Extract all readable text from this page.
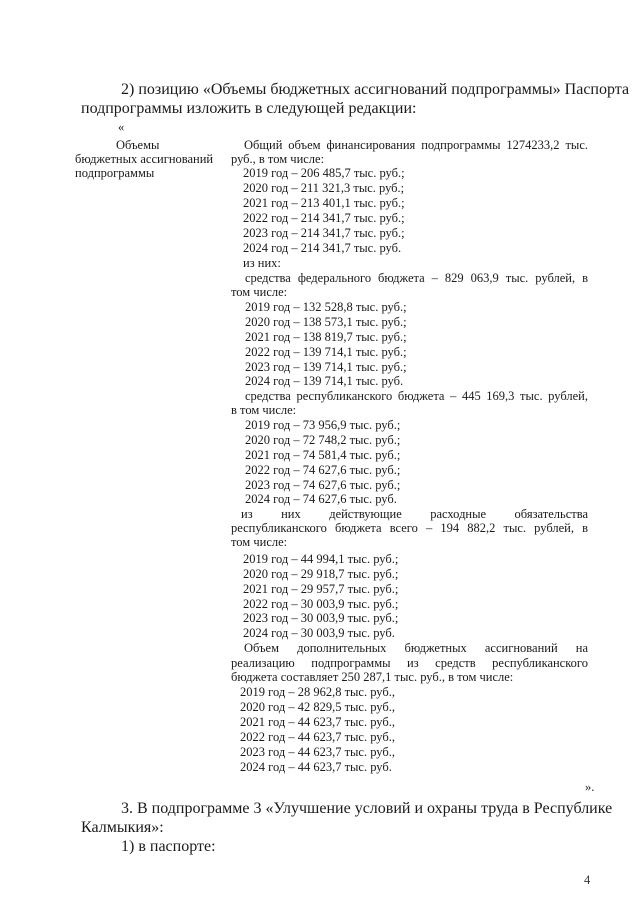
2) позицию «Объемы бюджетных ассигнований подпрограммы» Паспорта
подпрограммы изложить в следующей редакции:
«
Объемы
бюджетных ассигнований
подпрограммы
Общий объем финансирования подпрограммы 1274233,2 тыс.
руб., в том числе:
2019 год – 206 485,7 тыс. руб.;
2020 год – 211 321,3 тыс. руб.;
2021 год – 213 401,1 тыс. руб.;
2022 год – 214 341,7 тыс. руб.;
2023 год – 214 341,7 тыс. руб.;
2024 год – 214 341,7 тыс. руб.
из них:
средства федерального бюджета – 829 063,9 тыс. рублей, в
том числе:
2019 год – 132 528,8 тыс. руб.;
2020 год – 138 573,1 тыс. руб.;
2021 год – 138 819,7 тыс. руб.;
2022 год – 139 714,1 тыс. руб.;
2023 год – 139 714,1 тыс. руб.;
2024 год – 139 714,1 тыс. руб.
средства республиканского бюджета – 445 169,3 тыс. рублей,
в том числе:
2019 год – 73 956,9 тыс. руб.;
2020 год – 72 748,2 тыс. руб.;
2021 год – 74 581,4 тыс. руб.;
2022 год – 74 627,6 тыс. руб.;
2023 год – 74 627,6 тыс. руб.;
2024 год – 74 627,6 тыс. руб.
из них действующие расходные обязательства
республиканского бюджета всего – 194 882,2 тыс. рублей, в
том числе:
2019 год – 44 994,1 тыс. руб.;
2020 год – 29 918,7 тыс. руб.;
2021 год – 29 957,7 тыс. руб.;
2022 год – 30 003,9 тыс. руб.;
2023 год – 30 003,9 тыс. руб.;
2024 год – 30 003,9 тыс. руб.
Объем дополнительных бюджетных ассигнований на
реализацию подпрограммы из средств республиканского
бюджета составляет 250 287,1 тыс. руб., в том числе:
2019 год – 28 962,8 тыс. руб.,
2020 год – 42 829,5 тыс. руб.,
2021 год – 44 623,7 тыс. руб.,
2022 год – 44 623,7 тыс. руб.,
2023 год – 44 623,7 тыс. руб.,
2024 год – 44 623,7 тыс. руб.
».
3. В подпрограмме 3 «Улучшение условий и охраны труда в Республике
Калмыкия»:
1) в паспорте:
4
